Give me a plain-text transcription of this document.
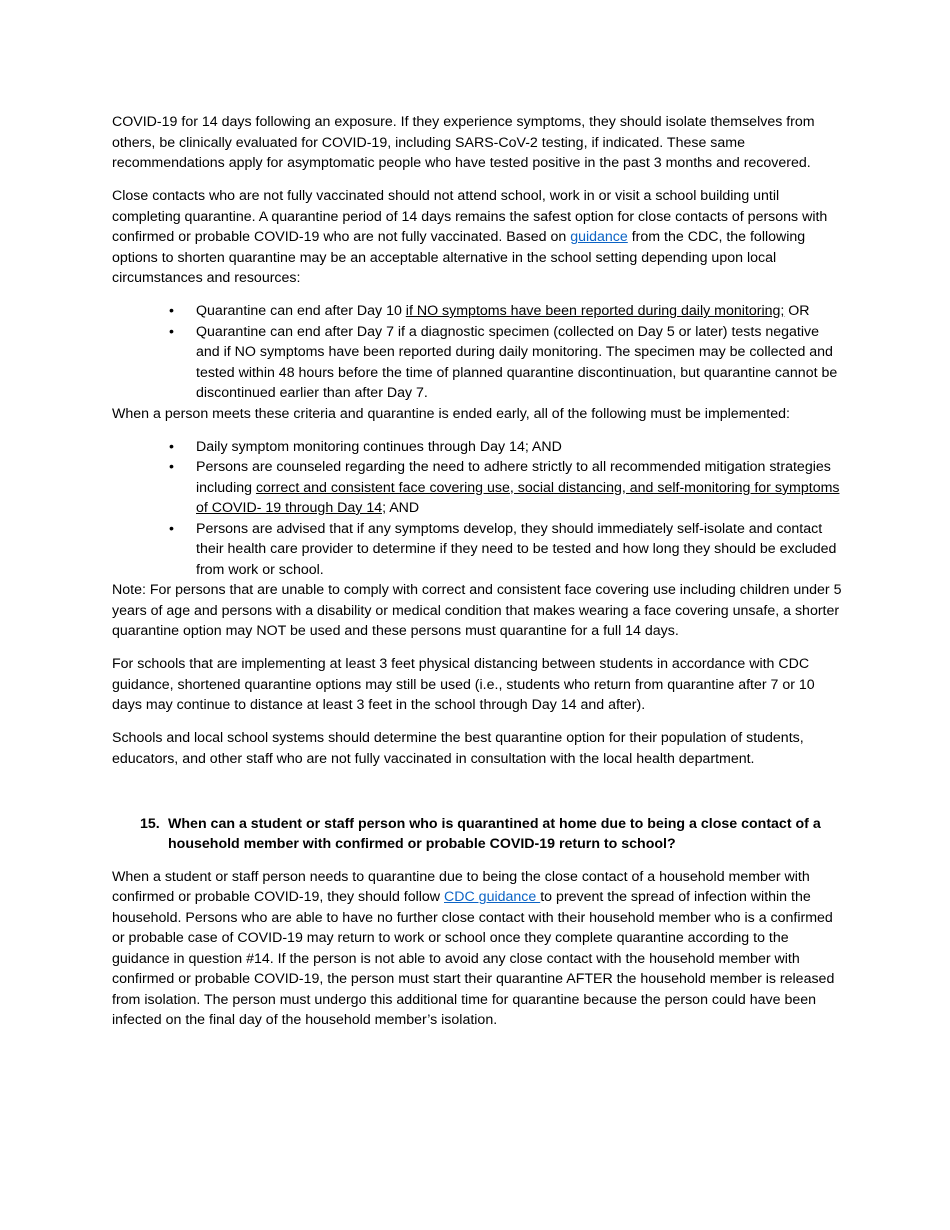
COVID-19 for 14 days following an exposure. If they experience symptoms, they should isolate themselves from others, be clinically evaluated for COVID-19, including SARS-CoV-2 testing, if indicated. These same recommendations apply for asymptomatic people who have tested positive in the past 3 months and recovered.

Close contacts who are not fully vaccinated should not attend school, work in or visit a school building until completing quarantine. A quarantine period of 14 days remains the safest option for close contacts of persons with confirmed or probable COVID-19 who are not fully vaccinated. Based on guidance from the CDC, the following options to shorten quarantine may be an acceptable alternative in the school setting depending upon local circumstances and resources:

• Quarantine can end after Day 10 if NO symptoms have been reported during daily monitoring; OR
• Quarantine can end after Day 7 if a diagnostic specimen (collected on Day 5 or later) tests negative and if NO symptoms have been reported during daily monitoring. The specimen may be collected and tested within 48 hours before the time of planned quarantine discontinuation, but quarantine cannot be discontinued earlier than after Day 7.

When a person meets these criteria and quarantine is ended early, all of the following must be implemented:

• Daily symptom monitoring continues through Day 14; AND
• Persons are counseled regarding the need to adhere strictly to all recommended mitigation strategies including correct and consistent face covering use, social distancing, and self-monitoring for symptoms of COVID- 19 through Day 14; AND
• Persons are advised that if any symptoms develop, they should immediately self-isolate and contact their health care provider to determine if they need to be tested and how long they should be excluded from work or school.

Note: For persons that are unable to comply with correct and consistent face covering use including children under 5 years of age and persons with a disability or medical condition that makes wearing a face covering unsafe, a shorter quarantine option may NOT be used and these persons must quarantine for a full 14 days.

For schools that are implementing at least 3 feet physical distancing between students in accordance with CDC guidance, shortened quarantine options may still be used (i.e., students who return from quarantine after 7 or 10 days may continue to distance at least 3 feet in the school through Day 14 and after).

Schools and local school systems should determine the best quarantine option for their population of students, educators, and other staff who are not fully vaccinated in consultation with the local health department.

15. When can a student or staff person who is quarantined at home due to being a close contact of a household member with confirmed or probable COVID-19 return to school?

When a student or staff person needs to quarantine due to being the close contact of a household member with confirmed or probable COVID-19, they should follow CDC guidance to prevent the spread of infection within the household. Persons who are able to have no further close contact with their household member who is a confirmed or probable case of COVID-19 may return to work or school once they complete quarantine according to the guidance in question #14. If the person is not able to avoid any close contact with the household member with confirmed or probable COVID-19, the person must start their quarantine AFTER the household member is released from isolation. The person must undergo this additional time for quarantine because the person could have been infected on the final day of the household member’s isolation.
